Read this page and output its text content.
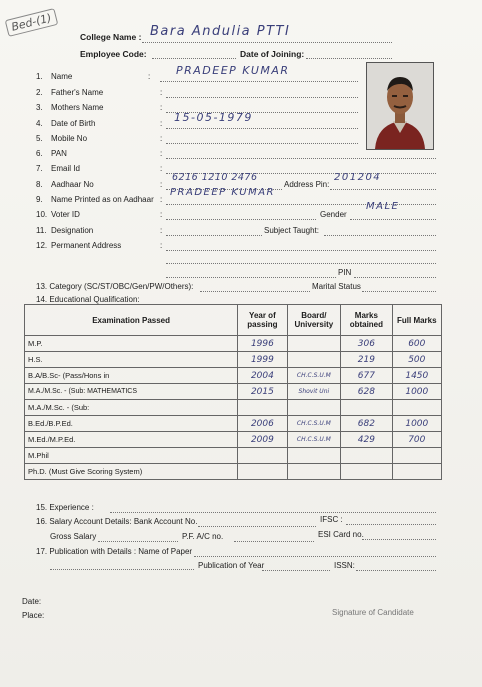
Bed-(1)
College Name : Bara Andulia PTTI
Employee Code:	Date of Joining:
1. Name	: PRADEEP KUMAR
2. Father's Name	:
3. Mothers Name	:
4. Date of Birth	: 15-05-1979
5. Mobile No	:
6. PAN	:
7. Email Id	:
8. Aadhaar No	:
6216 1210 2476
Address Pin:
201204
9. Name Printed as on Aadhaar :
PRADEEP KUMAR
10. Voter ID	:	Gender
MALE
11. Designation	:	Subject Taught:
12. Permanent Address	:
PIN
13. Category (SC/ST/OBC/Gen/PW/Others):	Marital Status
14. Educational Qualification:
Examination Passed	Year of passing	Board/ University	Marks obtained	Full Marks
M.P.	1996		306	600
H.S.	1999		219	500
B.A/B.Sc- (Pass/Hons in	2004	CH.C.S.U.M	677	1450
M.A./M.Sc. - (Sub: MATHEMATICS	2015	Shovit Uni	628	1000
M.A./M.Sc. - (Sub:				
B.Ed./B.P.Ed.	2006	CH.C.S.U.M	682	1000
M.Ed./M.P.Ed.	2009	CH.C.S.U.M	429	700
M.Phil				
Ph.D. (Must Give Scoring System)				
15. Experience :
16. Salary Account Details: Bank Account No.	IFSC :
Gross Salary	P.F. A/C no.	ESI Card no.
17. Publication with Details : Name of Paper
Publication of Year	ISSN:
Date:
Place:	Signature of Candidate
